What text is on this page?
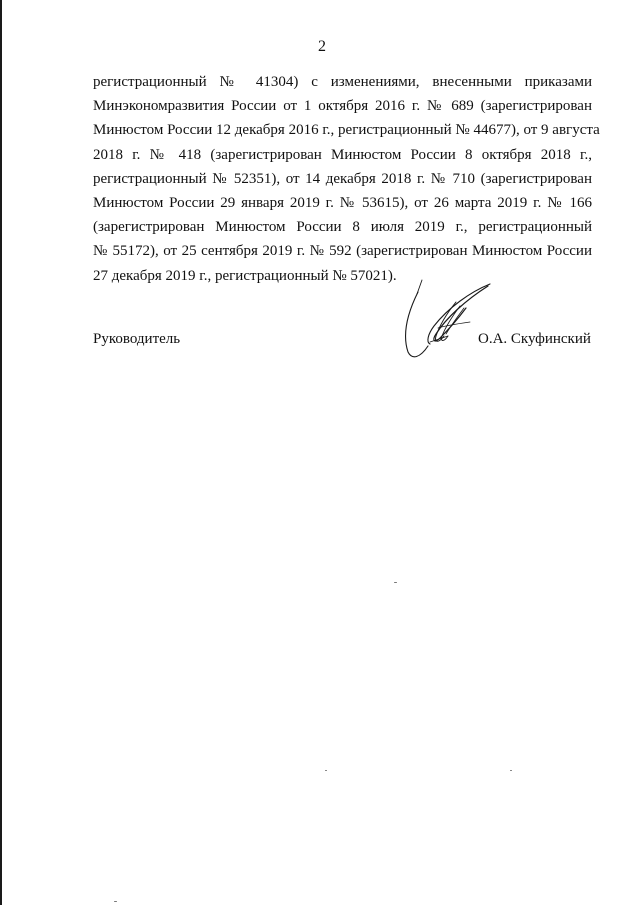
2
регистрационный № 41304) с изменениями, внесенными приказами
Минэкономразвития России от 1 октября 2016 г. № 689 (зарегистрирован
Минюстом России 12 декабря 2016 г., регистрационный № 44677), от 9 августа
2018 г. № 418 (зарегистрирован Минюстом России 8 октября 2018 г.,
регистрационный № 52351), от 14 декабря 2018 г. № 710 (зарегистрирован
Минюстом России 29 января 2019 г. № 53615), от 26 марта 2019 г. № 166
(зарегистрирован Минюстом России 8 июля 2019 г., регистрационный
№ 55172), от 25 сентября 2019 г. № 592 (зарегистрирован Минюстом России
27 декабря 2019 г., регистрационный № 57021).
Руководитель	О.А. Скуфинский
